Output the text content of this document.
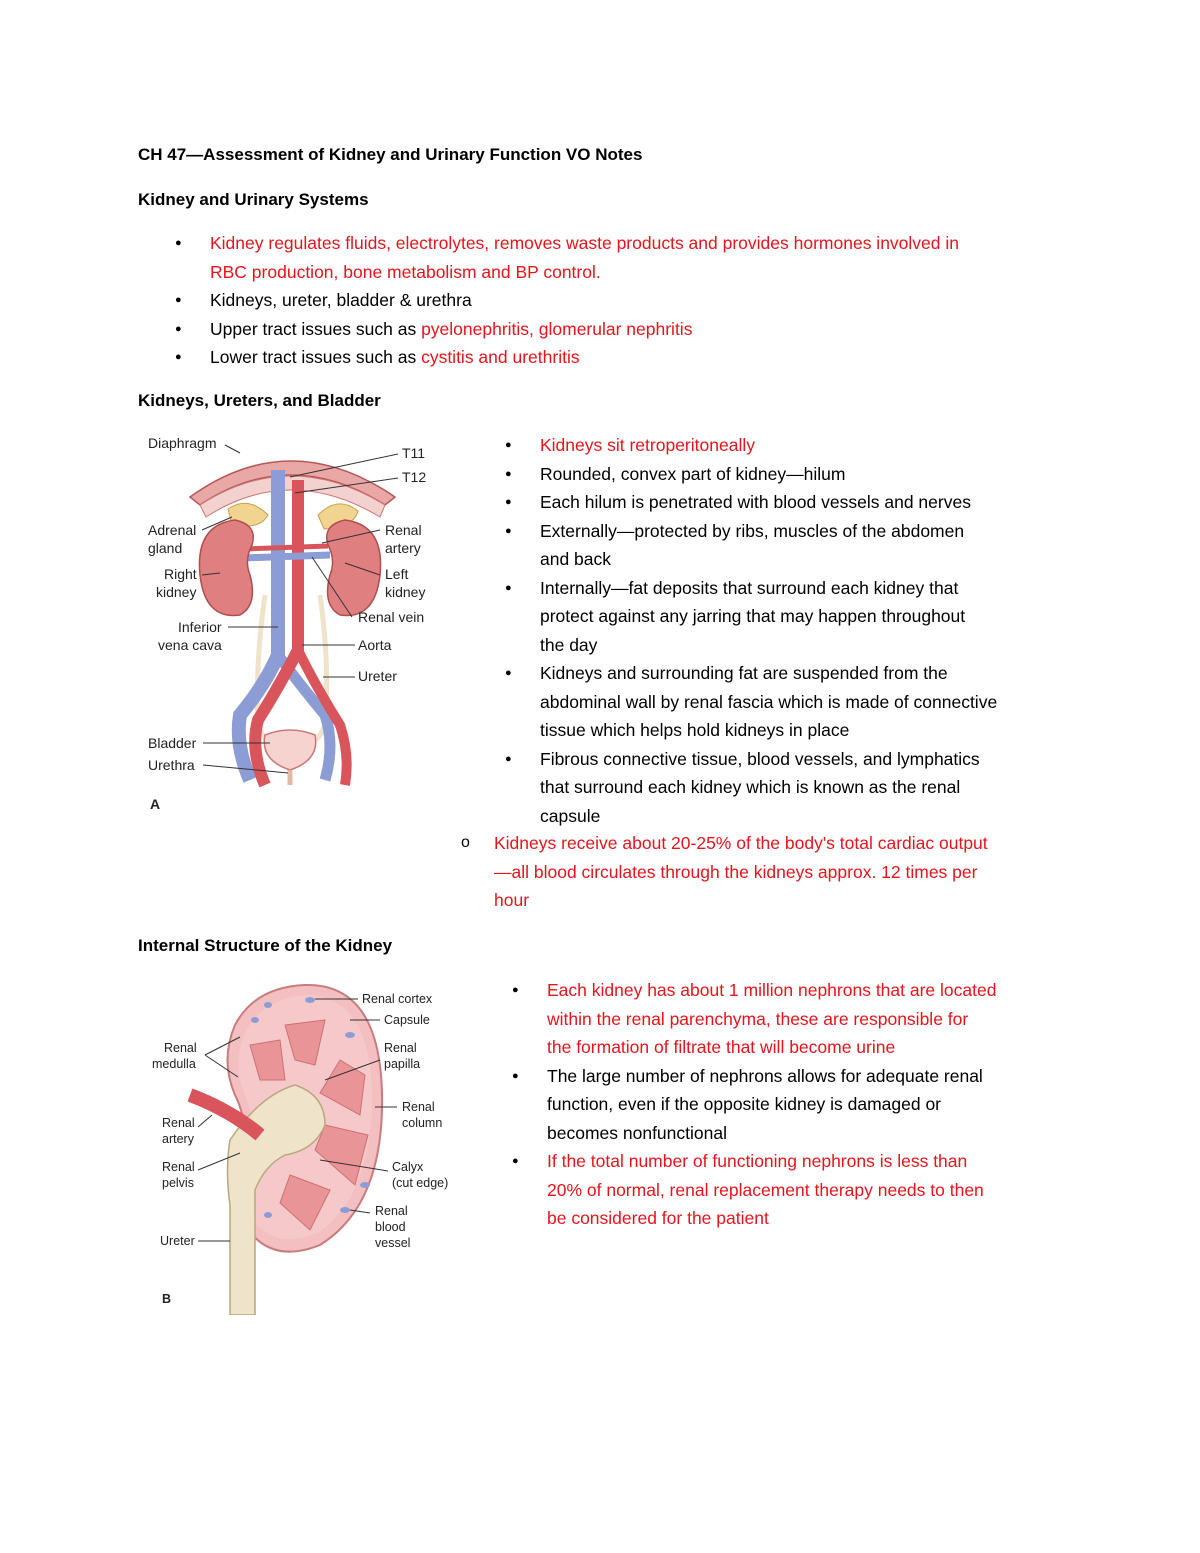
CH 47—Assessment of Kidney and Urinary Function VO Notes
Kidney and Urinary Systems
● Kidney regulates fluids, electrolytes, removes waste products and provides hormones involved in
RBC production, bone metabolism and BP control.
● Kidneys, ureter, bladder & urethra
● Upper tract issues such as pyelonephritis, glomerular nephritis
● Lower tract issues such as cystitis and urethritis
Kidneys, Ureters, and Bladder
Diaphragm
T11
T12
Adrenal
gland
Renal
artery
Right
kidney
Left
kidney
Renal vein
Inferior
vena cava	Aorta
Ureter
Bladder
Urethra
A
● Kidneys sit retroperitoneally
● Rounded, convex part of kidney—hilum
● Each hilum is penetrated with blood vessels and nerves
● Externally—protected by ribs, muscles of the abdomen
and back
● Internally—fat deposits that surround each kidney that
protect against any jarring that may happen throughout
the day
● Kidneys and surrounding fat are suspended from the
abdominal wall by renal fascia which is made of connective
tissue which helps hold kidneys in place
● Fibrous connective tissue, blood vessels, and lymphatics
that surround each kidney which is known as the renal
capsule
o Kidneys receive about 20-25% of the body's total cardiac output
—all blood circulates through the kidneys approx. 12 times per
hour
Internal Structure of the Kidney
Renal cortex
Capsule
Renal
medulla
Renal
papilla
Renal
column
Renal
artery
Renal
pelvis
Calyx
(cut edge)
Renal
blood
vessel
Ureter
B
● Each kidney has about 1 million nephrons that are located
within the renal parenchyma, these are responsible for
the formation of filtrate that will become urine
● The large number of nephrons allows for adequate renal
function, even if the opposite kidney is damaged or
becomes nonfunctional
● If the total number of functioning nephrons is less than
20% of normal, renal replacement therapy needs to then
be considered for the patient
